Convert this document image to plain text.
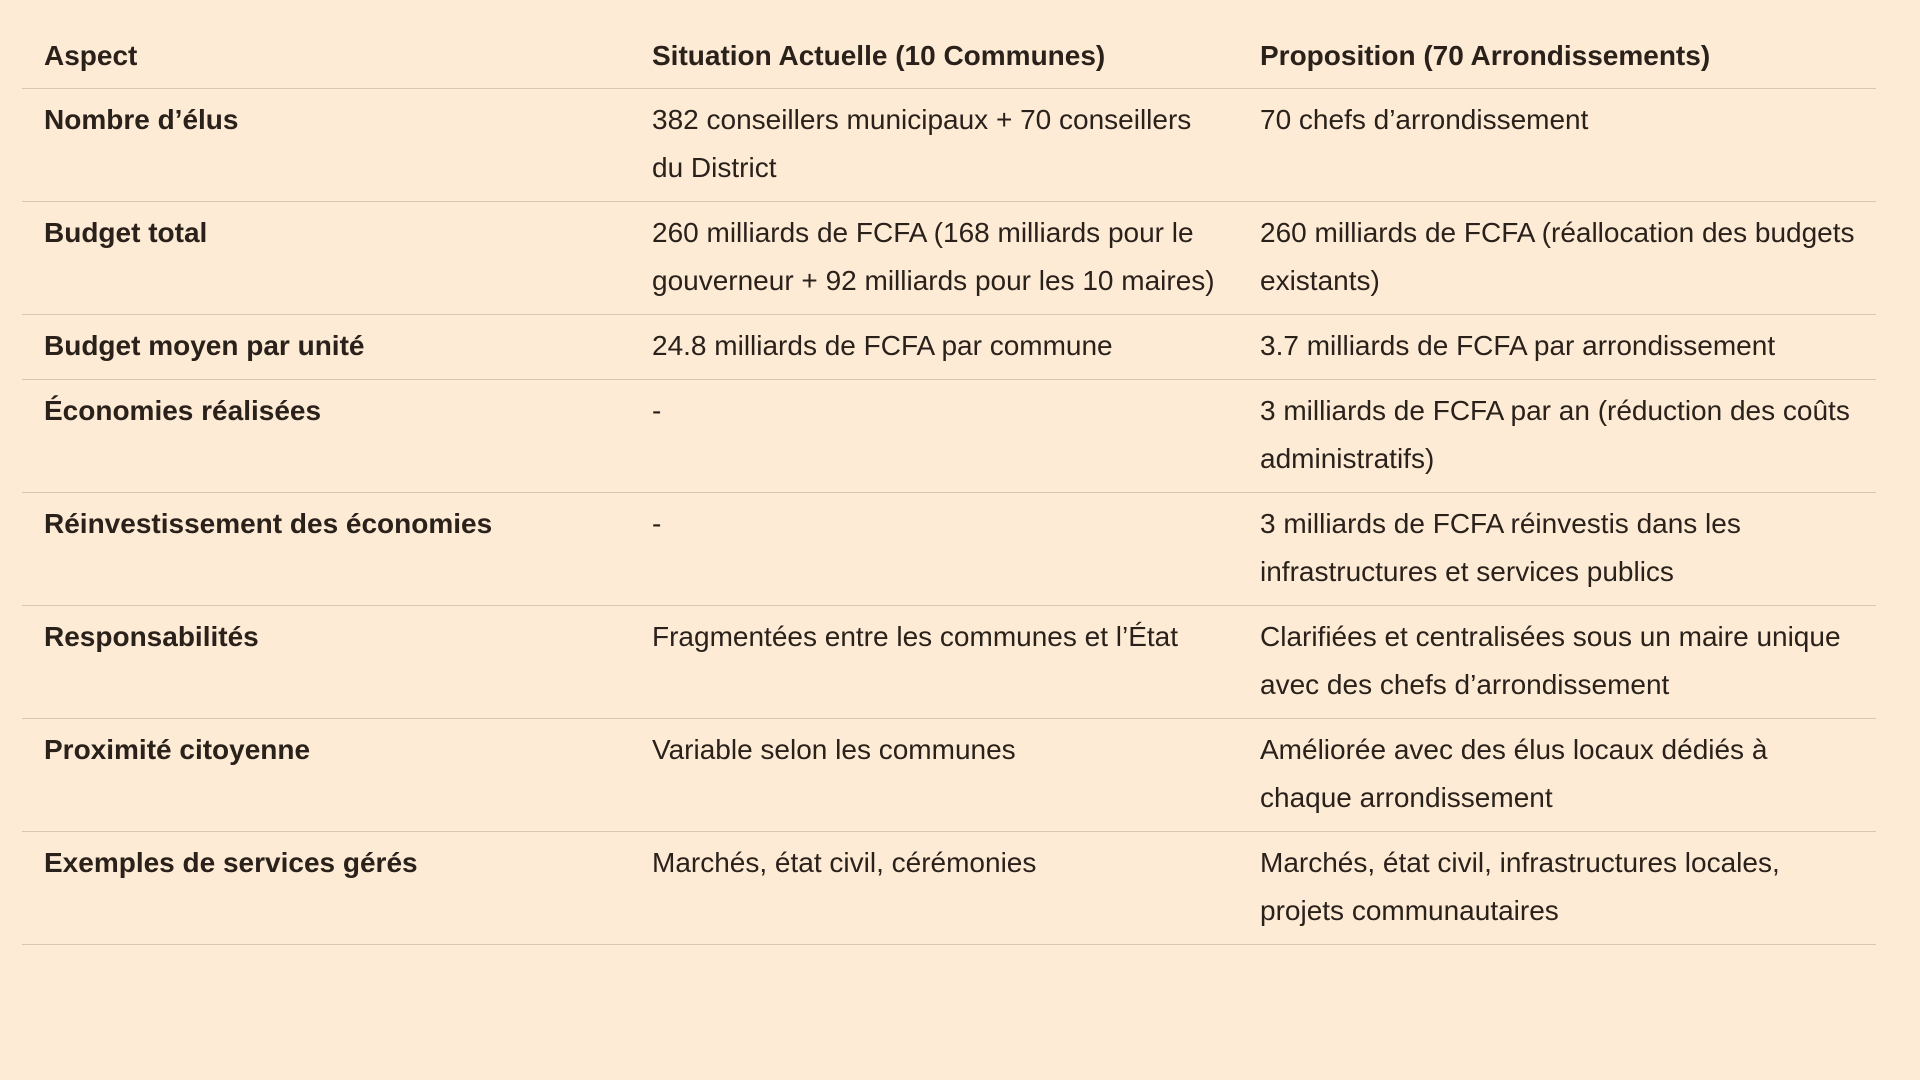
Aspect	Situation Actuelle (10 Communes)	Proposition (70 Arrondissements)
Nombre d’élus	382 conseillers municipaux + 70 conseillers du District	70 chefs d’arrondissement
Budget total	260 milliards de FCFA (168 milliards pour le gouverneur + 92 milliards pour les 10 maires)	260 milliards de FCFA (réallocation des budgets existants)
Budget moyen par unité	24.8 milliards de FCFA par commune	3.7 milliards de FCFA par arrondissement
Économies réalisées	-	3 milliards de FCFA par an (réduction des coûts administratifs)
Réinvestissement des économies	-	3 milliards de FCFA réinvestis dans les infrastructures et services publics
Responsabilités	Fragmentées entre les communes et l’État	Clarifiées et centralisées sous un maire unique avec des chefs d’arrondissement
Proximité citoyenne	Variable selon les communes	Améliorée avec des élus locaux dédiés à chaque arrondissement
Exemples de services gérés	Marchés, état civil, cérémonies	Marchés, état civil, infrastructures locales, projets communautaires
